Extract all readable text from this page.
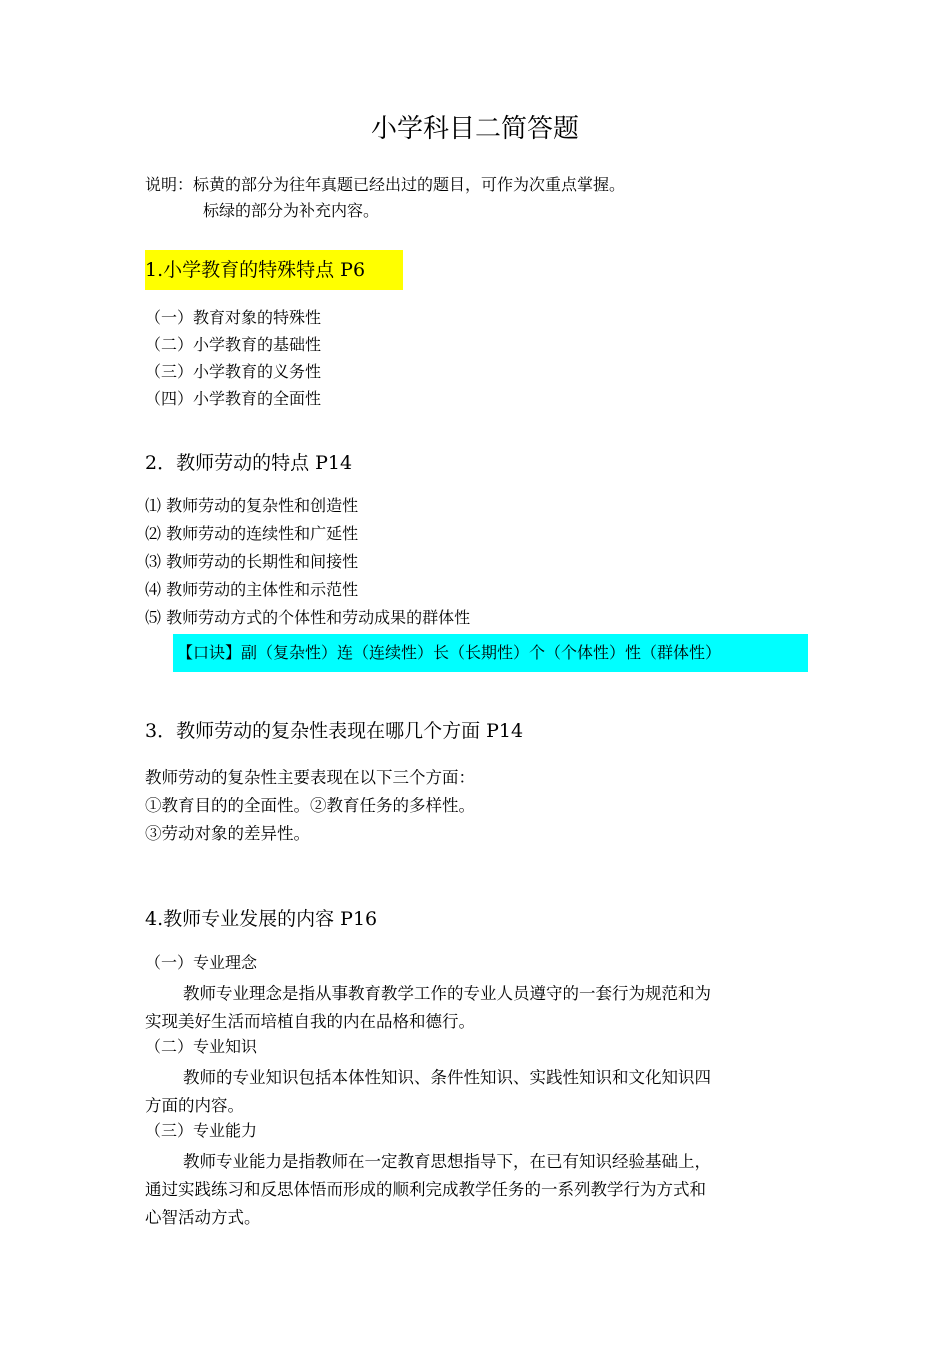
小学科目二简答题
说明：标黄的部分为往年真题已经出过的题目，可作为次重点掌握。
标绿的部分为补充内容。
1.小学教育的特殊特点 P6
（一）教育对象的特殊性
（二）小学教育的基础性
（三）小学教育的义务性
（四）小学教育的全面性
2．教师劳动的特点 P14
⑴ 教师劳动的复杂性和创造性
⑵ 教师劳动的连续性和广延性
⑶ 教师劳动的长期性和间接性
⑷ 教师劳动的主体性和示范性
⑸ 教师劳动方式的个体性和劳动成果的群体性
【口诀】副（复杂性）连（连续性）长（长期性）个（个体性）性（群体性）
3．教师劳动的复杂性表现在哪几个方面 P14
教师劳动的复杂性主要表现在以下三个方面：
①教育目的的全面性。②教育任务的多样性。
③劳动对象的差异性。
4.教师专业发展的内容 P16
（一）专业理念
教师专业理念是指从事教育教学工作的专业人员遵守的一套行为规范和为
实现美好生活而培植自我的内在品格和德行。
（二）专业知识
教师的专业知识包括本体性知识、条件性知识、实践性知识和文化知识四
方面的内容。
（三）专业能力
教师专业能力是指教师在一定教育思想指导下，在已有知识经验基础上，
通过实践练习和反思体悟而形成的顺利完成教学任务的一系列教学行为方式和
心智活动方式。
